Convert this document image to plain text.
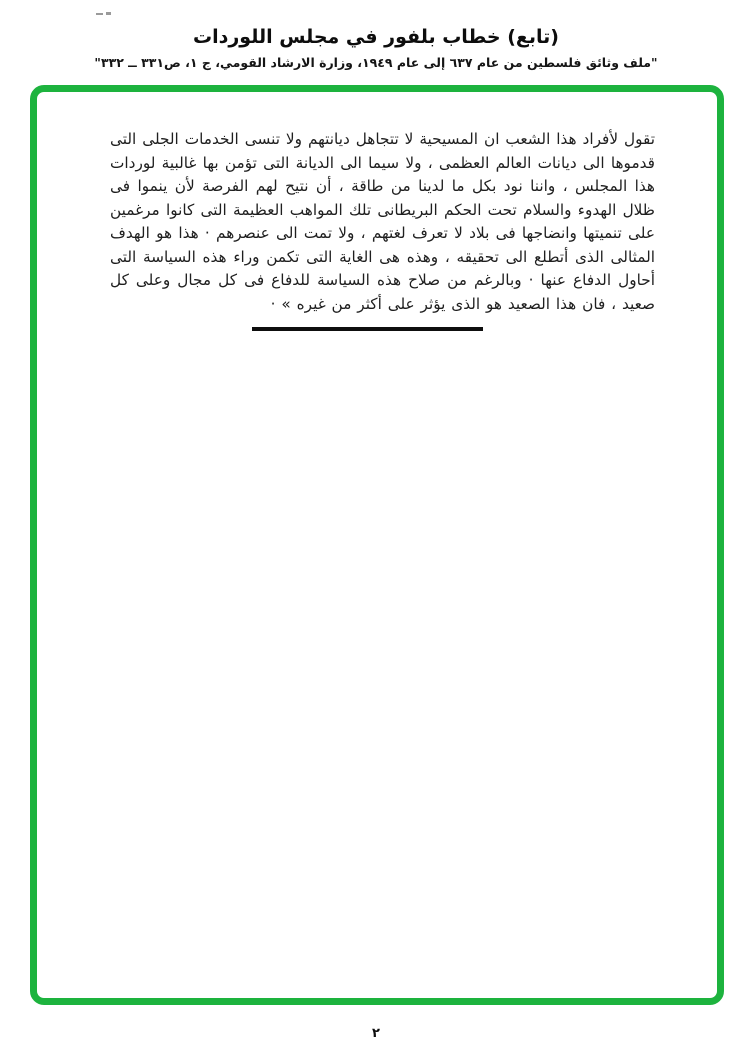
(تابع) خطاب بلفور في مجلس اللوردات
"ملف وثائق فلسطين من عام ٦٣٧ إلى عام ١٩٤٩، وزارة الارشاد القومي، ج ١، ص٣٣١ ــ ٣٣٢"
تقول لأفراد هذا الشعب ان المسيحية لا تتجاهل ديانتهم ولا تنسى الخدمات الجلى التى
قدموها الى ديانات العالم العظمى ، ولا سيما الى الديانة التى تؤمن بها غالبية لوردات
هذا المجلس ، واننا نود بكل ما لدينا من طاقة ، أن نتيح لهم الفرصة لأن ينموا فى
ظلال الهدوء والسلام تحت الحكم البريطانى تلك المواهب العظيمة التى كانوا مرغمين
على تنميتها وانضاجها فى بلاد لا تعرف لغتهم ، ولا تمت الى عنصرهم · هذا هو الهدف
المثالى الذى أتطلع الى تحقيقه ، وهذه هى الغاية التى تكمن وراء هذه السياسة التى
أحاول الدفاع عنها · وبالرغم من صلاح هذه السياسة للدفاع فى كل مجال وعلى كل
صعيد ، فان هذا الصعيد هو الذى يؤثر على أكثر من غيره » ·
٢
